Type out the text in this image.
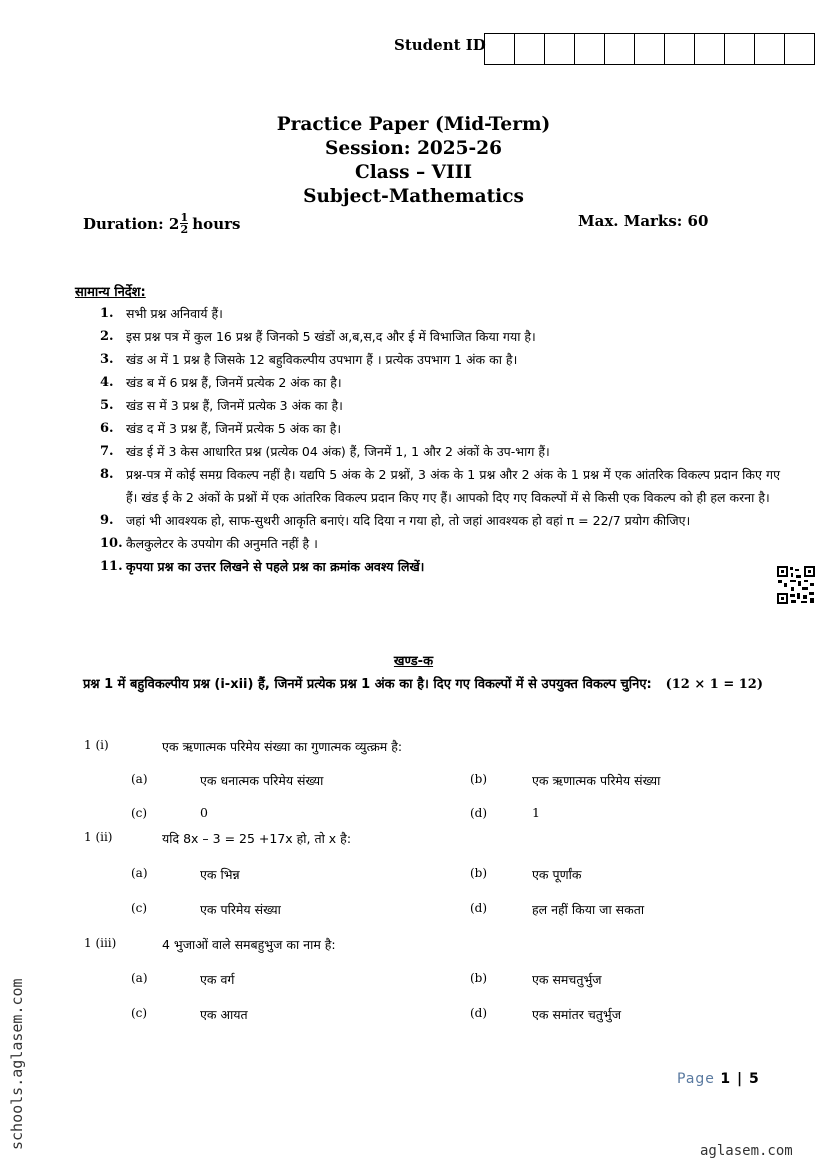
Student ID
Practice Paper (Mid-Term)
Session: 2025-26
Class – VIII
Subject-Mathematics
Duration: $2 \frac{1}{2}$ hours	Max. Marks: 60
सामान्य निर्देश:
1. सभी प्रश्न अनिवार्य हैं।
2. इस प्रश्न पत्र में कुल 16 प्रश्न हैं जिनको 5 खंडों अ,ब,स,द और ई में विभाजित किया गया है।
3. खंड अ में 1 प्रश्न है जिसके 12 बहुविकल्पीय उपभाग हैं । प्रत्येक उपभाग 1 अंक का है।
4. खंड ब में 6 प्रश्न हैं, जिनमें प्रत्येक 2 अंक का है।
5. खंड स में 3 प्रश्न हैं, जिनमें प्रत्येक 3 अंक का है।
6. खंड द में 3 प्रश्न हैं, जिनमें प्रत्येक 5 अंक का है।
7. खंड ई में 3 केस आधारित प्रश्न (प्रत्येक 04 अंक) हैं, जिनमें 1, 1 और 2 अंकों के उप-भाग हैं।
8. प्रश्न-पत्र में कोई समग्र विकल्प नहीं है। यद्यपि 5 अंक के 2 प्रश्नों, 3 अंक के 1 प्रश्न और 2 अंक के 1 प्रश्न में एक आंतरिक विकल्प प्रदान किए गए हैं। खंड ई के 2 अंकों के प्रश्नों में एक आंतरिक विकल्प प्रदान किए गए हैं। आपको दिए गए विकल्पों में से किसी एक विकल्प को ही हल करना है।
9. जहां भी आवश्यक हो, साफ-सुथरी आकृति बनाएं। यदि दिया न गया हो, तो जहां आवश्यक हो वहां π = 22/7 प्रयोग कीजिए।
10. कैलकुलेटर के उपयोग की अनुमति नहीं है ।
11. कृपया प्रश्न का उत्तर लिखने से पहले प्रश्न का क्रमांक अवश्य लिखें।
खण्ड-क
(12 × 1 = 12)
प्रश्न 1 में बहुविकल्पीय प्रश्न (i-xii) हैं, जिनमें प्रत्येक प्रश्न 1 अंक का है। दिए गए विकल्पों में से उपयुक्त विकल्प चुनिए:
1 (i)	एक ऋणात्मक परिमेय संख्या का गुणात्मक व्युत्क्रम है:
(a)	एक धनात्मक परिमेय संख्या	(b)	एक ऋणात्मक परिमेय संख्या
(c)	0	(d)	1
1 (ii)	यदि 8x – 3 = 25 +17x हो, तो x है:
(a)	एक भिन्न	(b)	एक पूर्णांक
(c)	एक परिमेय संख्या	(d)	हल नहीं किया जा सकता
1 (iii)	4 भुजाओं वाले समबहुभुज का नाम है:
(a)	एक वर्ग	(b)	एक समचतुर्भुज
(c)	एक आयत	(d)	एक समांतर चतुर्भुज
Page 1 | 5
schools.aglasem.com
aglasem.com
